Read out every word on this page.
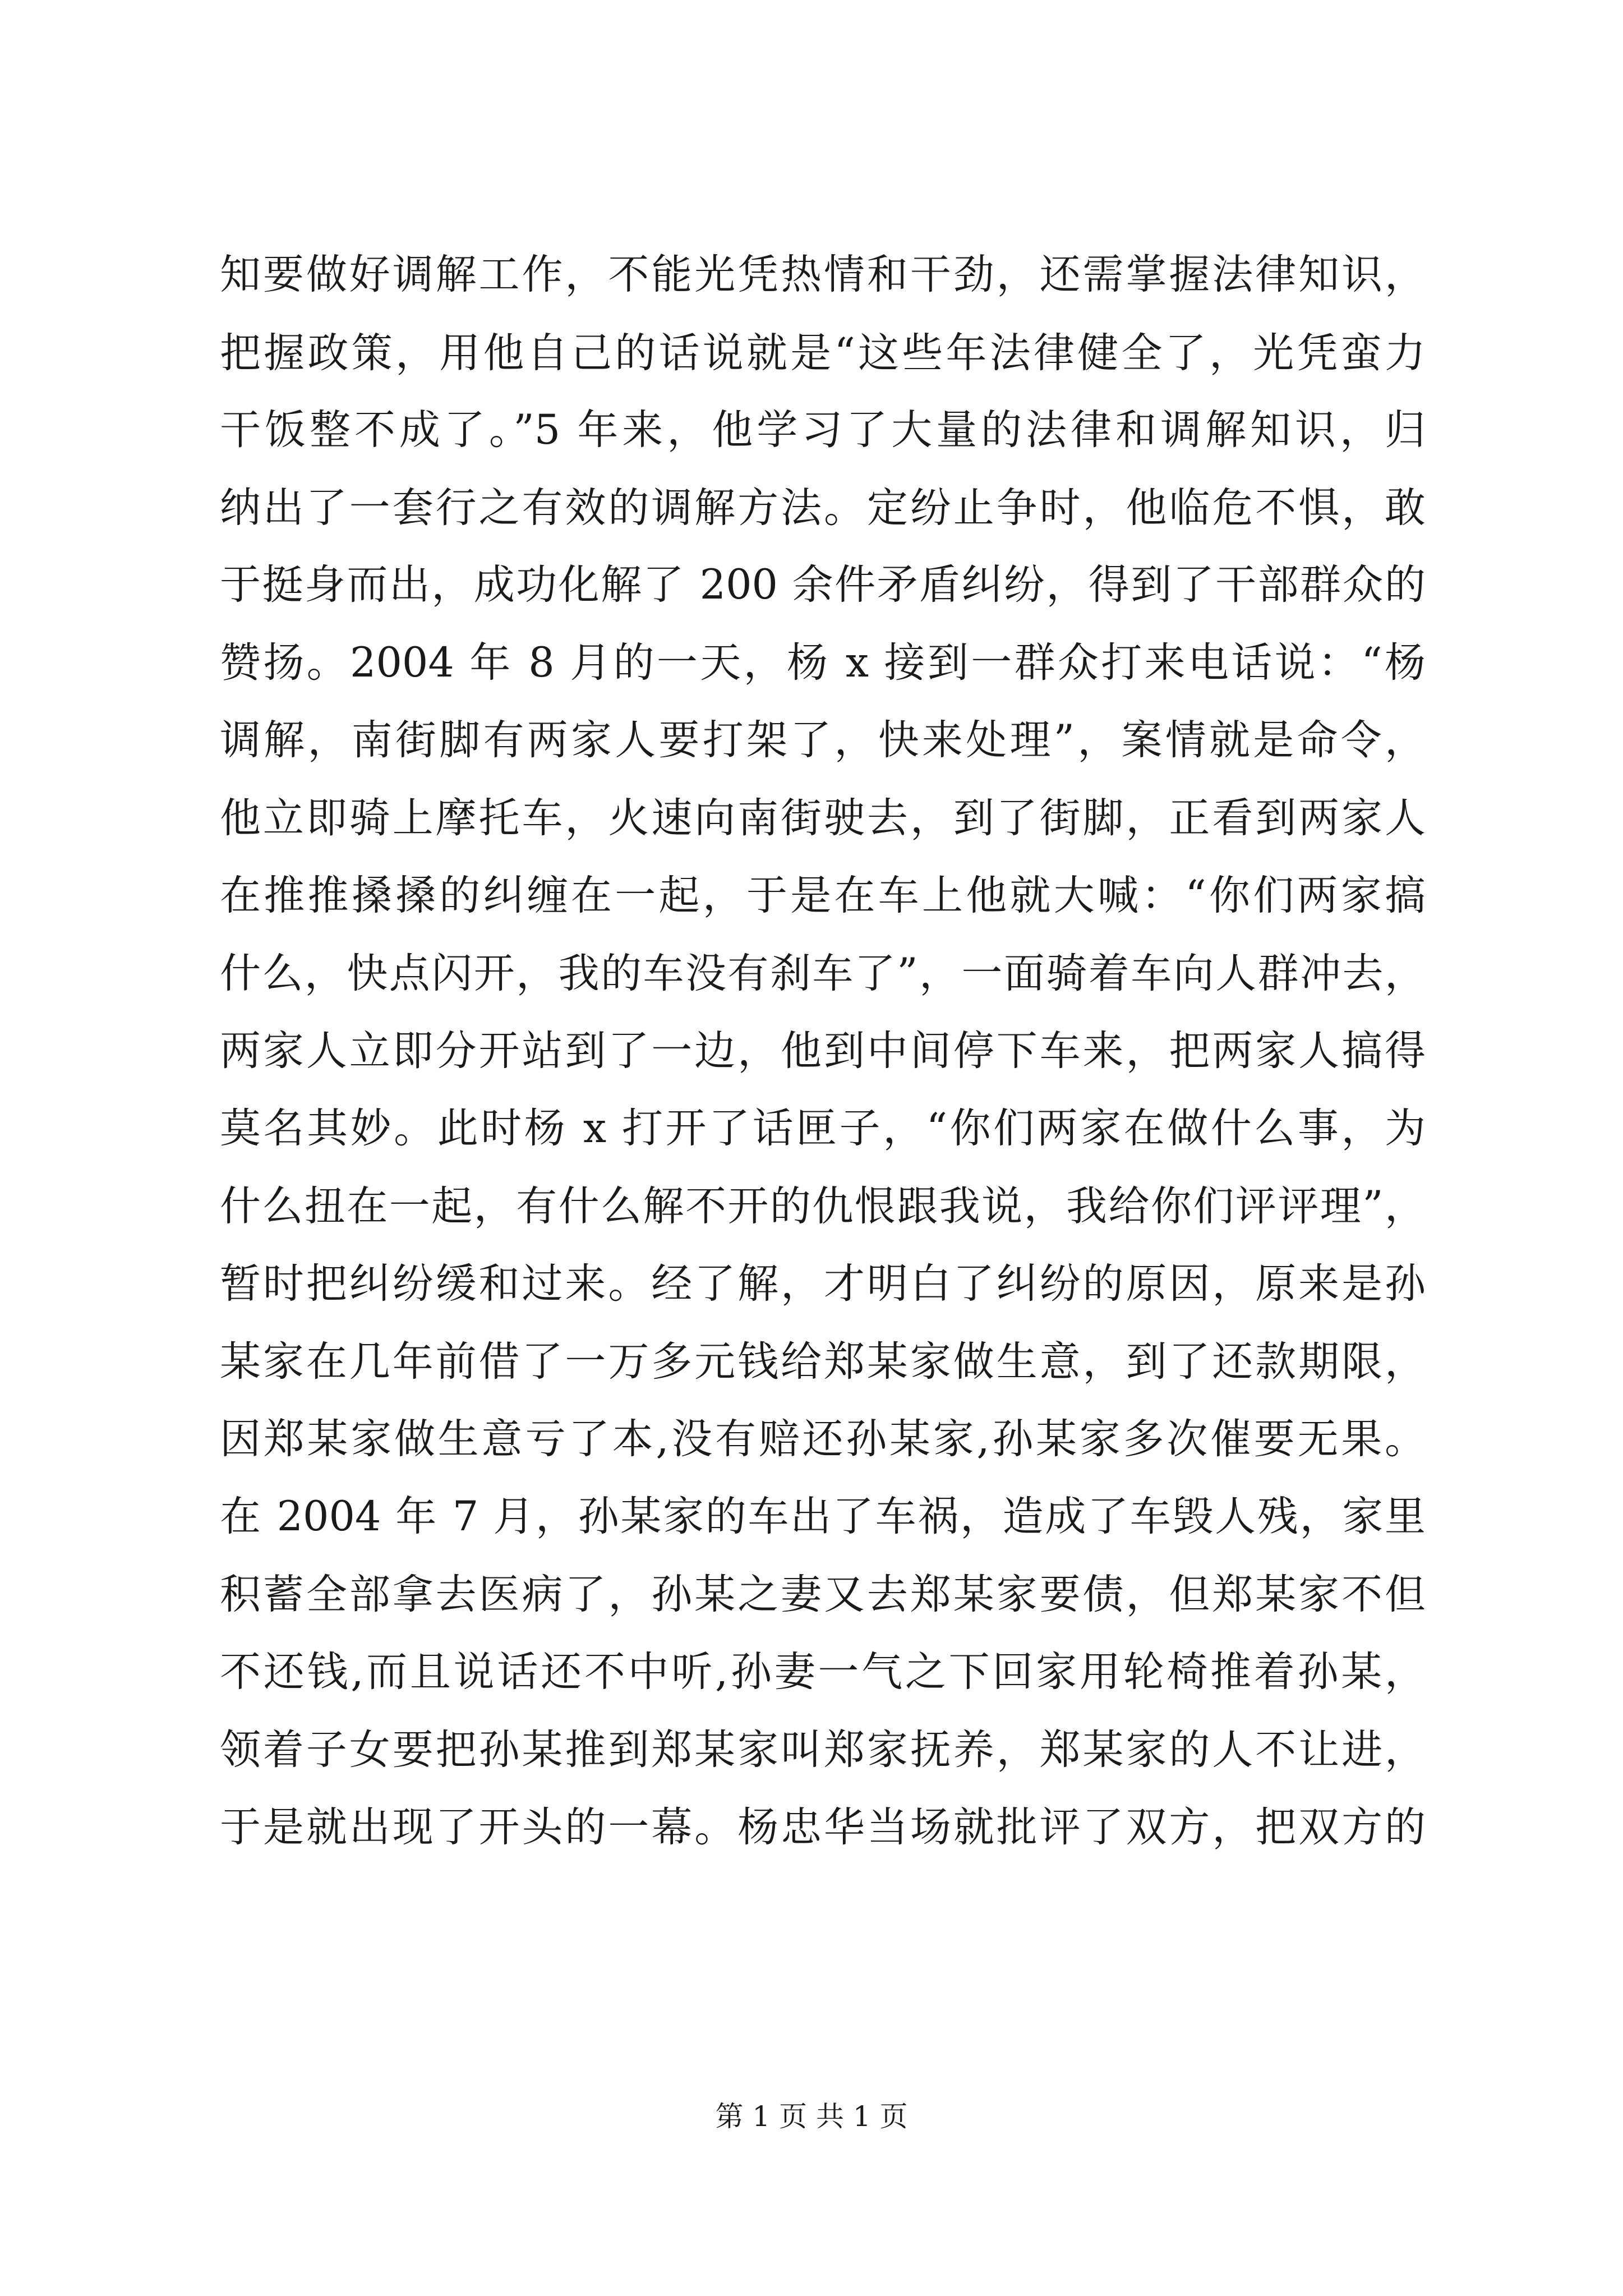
知要做好调解工作，不能光凭热情和干劲，还需掌握法律知识，
把握政策，用他自己的话说就是“这些年法律健全了，光凭蛮力
干饭整不成了。”5 年来，他学习了大量的法律和调解知识，归
纳出了一套行之有效的调解方法。定纷止争时，他临危不惧，敢
于挺身而出，成功化解了 200 余件矛盾纠纷，得到了干部群众的
赞扬。2004 年 8 月的一天，杨 x 接到一群众打来电话说：“杨
调解，南街脚有两家人要打架了，快来处理”，案情就是命令，
他立即骑上摩托车，火速向南街驶去，到了街脚，正看到两家人
在推推搡搡的纠缠在一起，于是在车上他就大喊：“你们两家搞
什么，快点闪开，我的车没有刹车了”，一面骑着车向人群冲去，
两家人立即分开站到了一边，他到中间停下车来，把两家人搞得
莫名其妙。此时杨 x 打开了话匣子，“你们两家在做什么事，为
什么扭在一起，有什么解不开的仇恨跟我说，我给你们评评理”，
暂时把纠纷缓和过来。经了解，才明白了纠纷的原因，原来是孙
某家在几年前借了一万多元钱给郑某家做生意，到了还款期限，
因郑某家做生意亏了本,没有赔还孙某家,孙某家多次催要无果。
在 2004 年 7 月，孙某家的车出了车祸，造成了车毁人残，家里
积蓄全部拿去医病了，孙某之妻又去郑某家要债，但郑某家不但
不还钱,而且说话还不中听,孙妻一气之下回家用轮椅推着孙某，
领着子女要把孙某推到郑某家叫郑家抚养，郑某家的人不让进，
于是就出现了开头的一幕。杨忠华当场就批评了双方，把双方的
第 1 页 共 1 页
